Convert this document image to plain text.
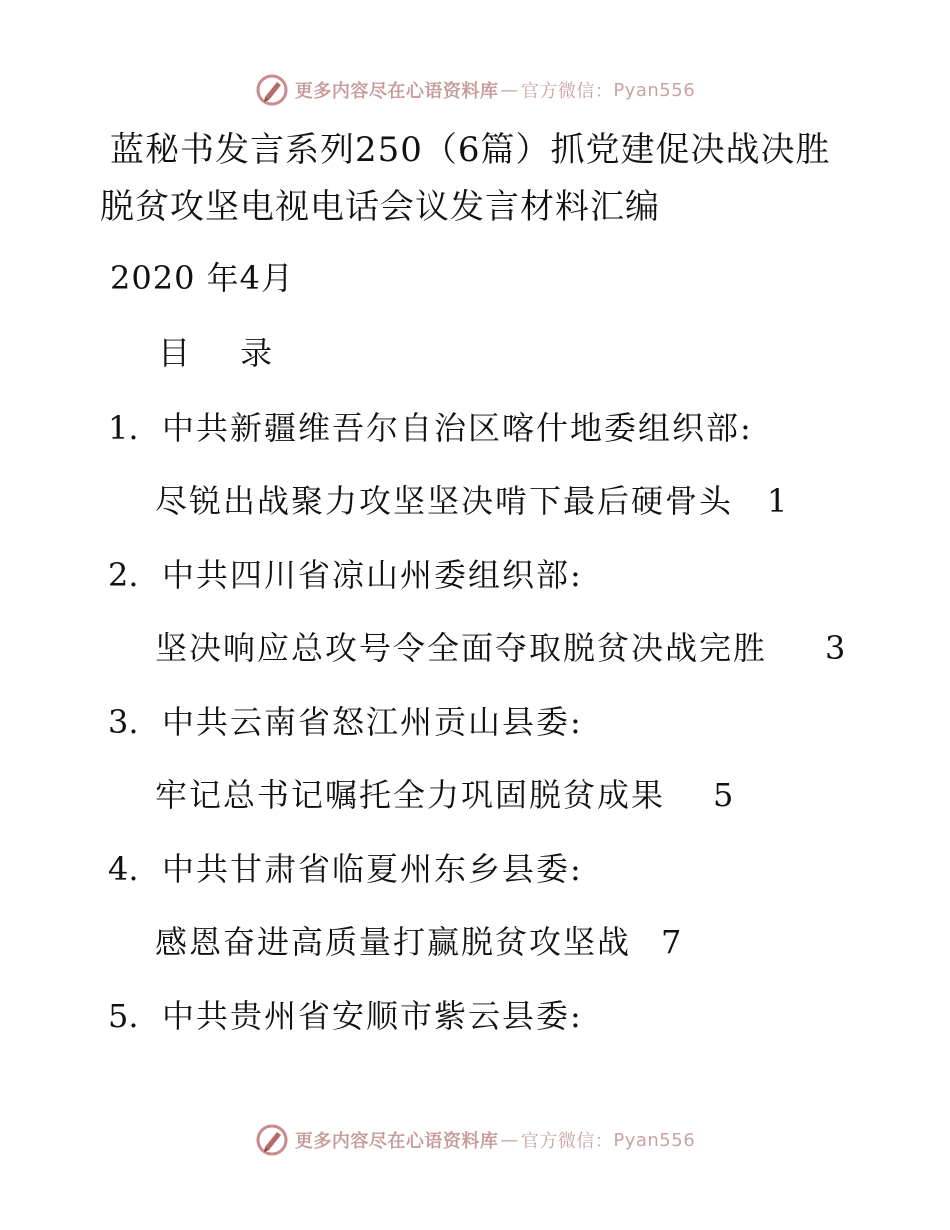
更多内容尽在心语资料库 — 官方微信： Pyan556
蓝秘书发言系列250（6篇）抓党建促决战决胜脱贫攻坚电视电话会议发言材料汇编
2020 年4月
目 录
1. 中共新疆维吾尔自治区喀什地委组织部:
尽锐出战聚力攻坚坚决啃下最后硬骨头 1
2. 中共四川省凉山州委组织部:
坚决响应总攻号令全面夺取脱贫决战完胜 3
3. 中共云南省怒江州贡山县委:
牢记总书记嘱托全力巩固脱贫成果 5
4. 中共甘肃省临夏州东乡县委:
感恩奋进高质量打赢脱贫攻坚战 7
5. 中共贵州省安顺市紫云县委:
更多内容尽在心语资料库 — 官方微信： Pyan556
